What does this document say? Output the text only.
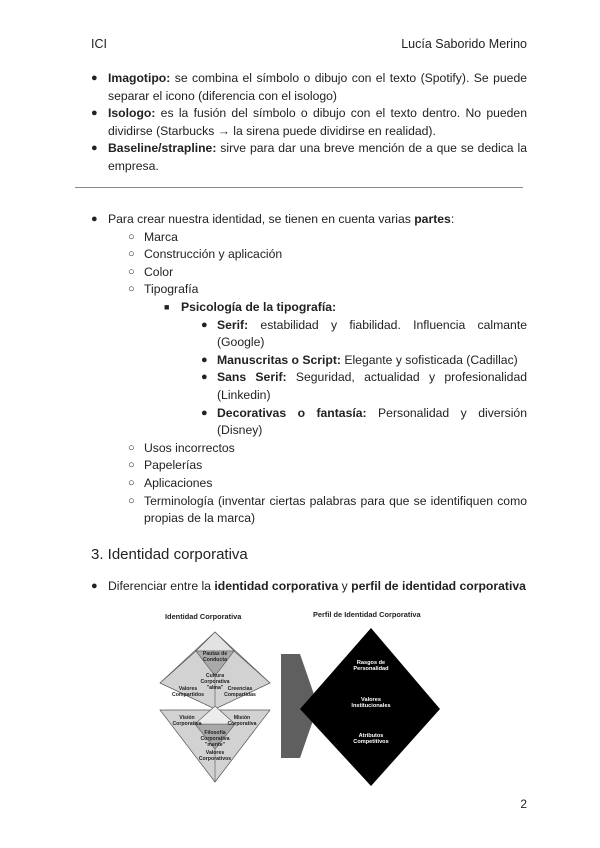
ICI	Lucía Saborido Merino
● Imagotipo: se combina el símbolo o dibujo con el texto (Spotify). Se puede separar el icono (diferencia con el isologo)
● Isologo: es la fusión del símbolo o dibujo con el texto dentro. No pueden dividirse (Starbucks → la sirena puede dividirse en realidad).
● Baseline/strapline: sirve para dar una breve mención de a que se dedica la empresa.
● Para crear nuestra identidad, se tienen en cuenta varias partes:
○ Marca
○ Construcción y aplicación
○ Color
○ Tipografía
■ Psicología de la tipografía:
● Serif: estabilidad y fiabilidad. Influencia calmante (Google)
● Manuscritas o Script: Elegante y sofisticada (Cadillac)
● Sans Serif: Seguridad, actualidad y profesionalidad (Linkedin)
● Decorativas o fantasía: Personalidad y diversión (Disney)
○ Usos incorrectos
○ Papelerías
○ Aplicaciones
○ Terminología (inventar ciertas palabras para que se identifiquen como propias de la marca)
3. Identidad corporativa
● Diferenciar entre la identidad corporativa y perfil de identidad corporativa
Identidad Corporativa	Perfil de Identidad Corporativa
Pautas de Conducta
Cultura Corporativa "alma"
Valores Compartidos
Creencias Compartidas
Visión Corporativa
Misión Corporativa
Filosofía Corporativa "mente"
Valores Corporativos
Rasgos de Personalidad
Valores Institucionales
Atributos Competitivos
2
